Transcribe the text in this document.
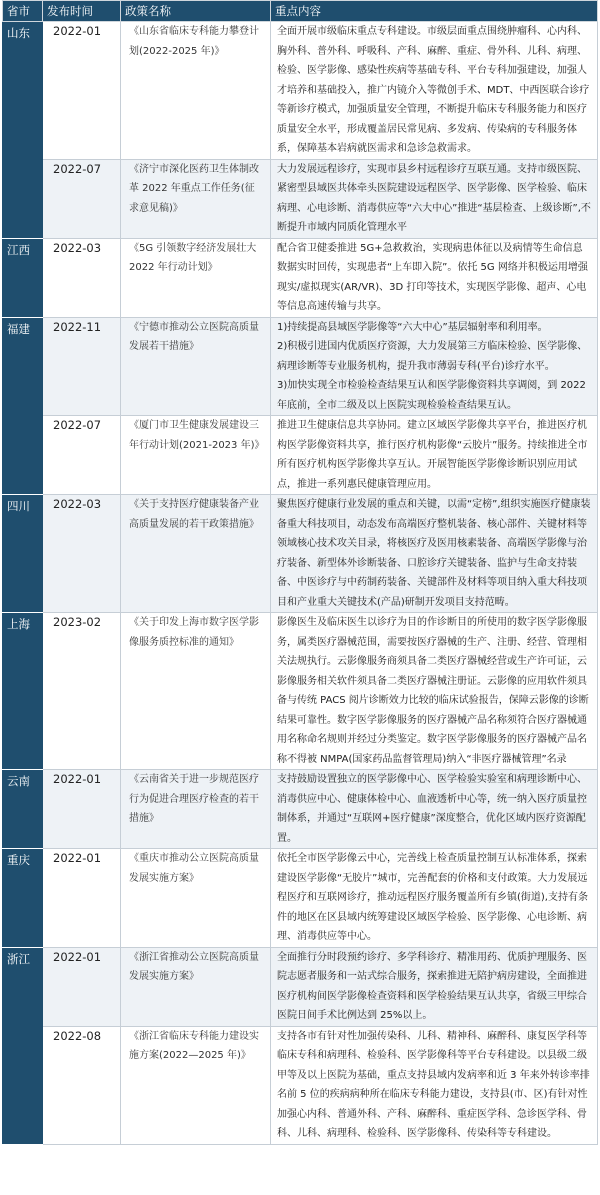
省市	发布时间	政策名称	重点内容
山东	2022-01	《山东省临床专科能力攀登计划(2022-2025 年)》	全面开展市级临床重点专科建设。市级层面重点围绕肿瘤科、心内科、胸外科、普外科、呼吸科、产科、麻醉、重症、骨外科、儿科、病理、检验、医学影像、感染性疾病等基础专科、平台专科加强建设，加强人才培养和基础投入，推广内镜介入等微创手术、MDT、中西医联合诊疗等新诊疗模式，加强质量安全管理，不断提升临床专科服务能力和医疗质量安全水平，形成覆盖居民常见病、多发病、传染病的专科服务体系，保障基本岩病就医需求和急诊急救需求。
	2022-07	《济宁市深化医药卫生体制改革 2022 年重点工作任务(征求意见稿)》	大力发展远程诊疗，实现市县乡村远程诊疗互联互通。支持市级医院、紧密型县域医共体牵头医院建设远程医学、医学影像、医学检验、临床病理、心电诊断、消毒供应等“六大中心”推进“基层检查、上级诊断”,不断提升市域内同质化管理水平
江西	2022-03	《5G 引领数字经济发展壮大 2022 年行动计划》	配合省卫健委推进 5G+急救救治，实现病患体征以及病情等生命信息数据实时回传，实现患者“上车即入院”。依托 5G 网络并积极运用增强现实/虚拟现实(AR/VR)、3D 打印等技术，实现医学影像、超声、心电等信息高速传输与共享。
福建	2022-11	《宁德市推动公立医院高质量发展若干措施》	1)持续提高县域医学影像等“六大中心”基层辐射率和利用率。
2)积极引进国内优质医疗资源，大力发展第三方临床检验、医学影像、病理诊断等专业服务机构，提升我市薄弱专科(平台)诊疗水平。
3)加快实现全市检验检查结果互认和医学影像资料共享调阅，到 2022 年底前，全市二级及以上医院实现检验检查结果互认。

	2022-07	《厦门市卫生健康发展建设三年行动计划(2021-2023 年)》	推进卫生健康信息共享协同。建立区域医学影像共享平台，推进医疗机构医学影像资料共享，推行医疗机构影像“云胶片”服务。持续推进全市所有医疗机构医学影像共享互认。开展智能医学影像诊断识别应用试点，推进一系列惠民健康管理应用。
四川	2022-03	《关于支持医疗健康装备产业高质量发展的若干政策措施》	聚焦医疗健康行业发展的重点和关键，以需“定榜”,组织实施医疗健康装备重大科技项目，动态发布高端医疗整机装备、核心部件、关键材料等领域核心技术攻关目录，将核医疗及医用核素装备、高端医学影像与治疗装备、新型体外诊断装备、口腔诊疗关键装备、监护与生命支持装备、中医诊疗与中药制药装备、关键部件及材料等项目纳入重大科技项目和产业重大关键技术(产品)研制开发项目支持范畴。
上海	2023-02	《关于印发上海市数字医学影像服务质控标准的通知》	影像医生及临床医生以诊疗为目的作诊断目的所使用的数字医学影像服务，属类医疗器械范围，需要按医疗器械的生产、注册、经营、管理相关法规执行。云影像服务商须具备二类医疗器械经营或生产许可证，云影像服务相关软件须具备二类医疗器械注册证。云影像的应用软件须具备与传统 PACS 阅片诊断效力比较的临床试验报告，保障云影像的诊断结果可靠性。数字医学影像服务的医疗器械产品名称须符合医疗器械通用名称命名规则并经过分类鉴定。数字医学影像服务的医疗器械产品名称不得被 NMPA(国家药品监督管理局)纳入“非医疗器械管理”名录
云南	2022-01	《云南省关于进一步规范医疗行为促进合理医疗检查的若干措施》	支持鼓励设置独立的医学影像中心、医学检验实验室和病理诊断中心、消毒供应中心、健康体检中心、血液透析中心等，统一纳入医疗质量控制体系，并通过“互联网+医疗健康”深度整合，优化区域内医疗资源配置。
重庆	2022-01	《重庆市推动公立医院高质量发展实施方案》	依托全市医学影像云中心，完善线上检查质量控制互认标准体系，探索建设医学影像“无胶片”城市，完善配套的价格和支付政策。大力发展远程医疗和互联网诊疗，推动远程医疗服务覆盖所有乡镇(街道),支持有条件的地区在区县域内统筹建设区域医学检验、医学影像、心电诊断、病理、消毒供应等中心。
浙江	2022-01	《浙江省推动公立医院高质量发展实施方案》	全面推行分时段预约诊疗、多学科诊疗、精准用药、优质护理服务、医院志愿者服务和一站式综合服务，探索推进无陪护病房建设，全面推进医疗机构间医学影像检查资料和医学检验结果互认共享，省级三甲综合医院日间手术比例达到 25%以上。
	2022-08	《浙江省临床专科能力建设实施方案(2022—2025 年)》	支持各市有针对性加强传染科、儿科、精神科、麻醉科、康复医学科等临床专科和病理科、检验科、医学影像科等平台专科建设。以县级二级甲等及以上医院为基础，重点支持县域内发病率和近 3 年来外转诊率排名前 5 位的疾病病种所在临床专科能力建设，支持县(市、区)有针对性加强心内科、普通外科、产科、麻醉科、重症医学科、急诊医学科、骨科、儿科、病理科、检验科、医学影像科、传染科等专科建设。
